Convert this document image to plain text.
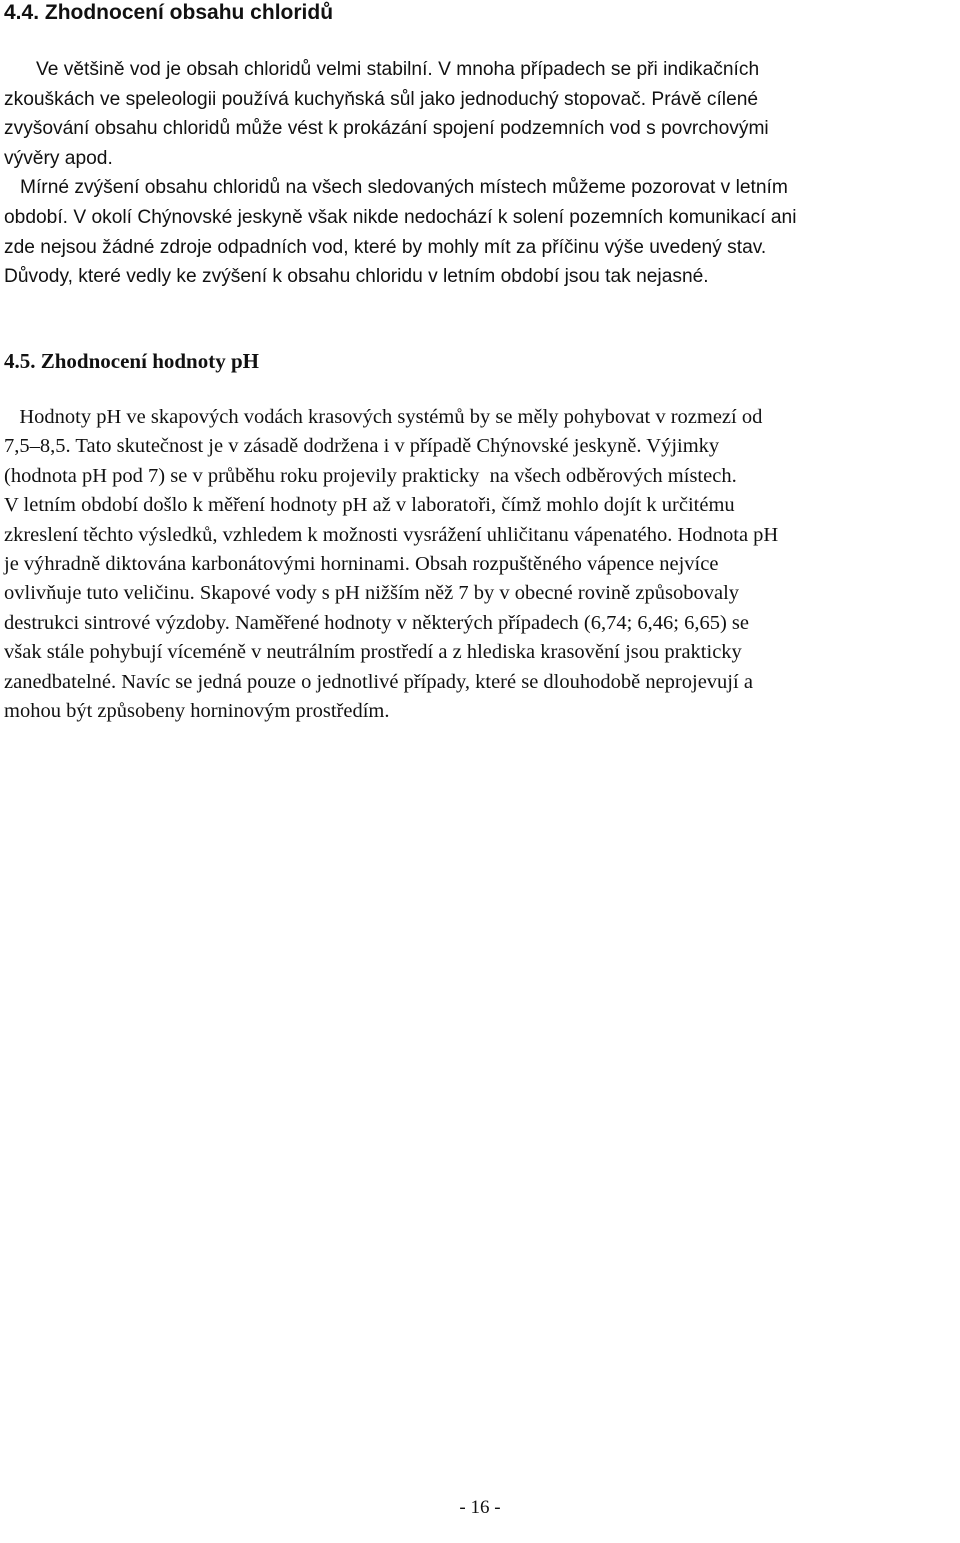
4.4. Zhodnocení obsahu chloridů
Ve většině vod je obsah chloridů velmi stabilní. V mnoha případech se při indikačních
zkouškách ve speleologii používá kuchyňská sůl jako jednoduchý stopovač. Právě cílené
zvyšování obsahu chloridů může vést k prokázání spojení podzemních vod s povrchovými
vývěry apod.
Mírné zvýšení obsahu chloridů na všech sledovaných místech můžeme pozorovat v letním
období. V okolí Chýnovské jeskyně však nikde nedochází k solení pozemních komunikací ani
zde nejsou žádné zdroje odpadních vod, které by mohly mít za příčinu výše uvedený stav.
Důvody, které vedly ke zvýšení k obsahu chloridu v letním období jsou tak nejasné.
4.5. Zhodnocení hodnoty pH
Hodnoty pH ve skapových vodách krasových systémů by se měly pohybovat v rozmezí od
7,5–8,5. Tato skutečnost je v zásadě dodržena i v případě Chýnovské jeskyně. Výjimky
(hodnota pH pod 7) se v průběhu roku projevily prakticky  na všech odběrových místech.
V letním období došlo k měření hodnoty pH až v laboratoři, čímž mohlo dojít k určitému
zkreslení těchto výsledků, vzhledem k možnosti vysrážení uhličitanu vápenatého. Hodnota pH
je výhradně diktována karbonátovými horninami. Obsah rozpuštěného vápence nejvíce
ovlivňuje tuto veličinu. Skapové vody s pH nižším něž 7 by v obecné rovině způsobovaly
destrukci sintrové výzdoby. Naměřené hodnoty v některých případech (6,74; 6,46; 6,65) se
však stále pohybují víceméně v neutrálním prostředí a z hlediska krasovění jsou prakticky
zanedbatelné. Navíc se jedná pouze o jednotlivé případy, které se dlouhodobě neprojevují a
mohou být způsobeny horninovým prostředím.
- 16 -
